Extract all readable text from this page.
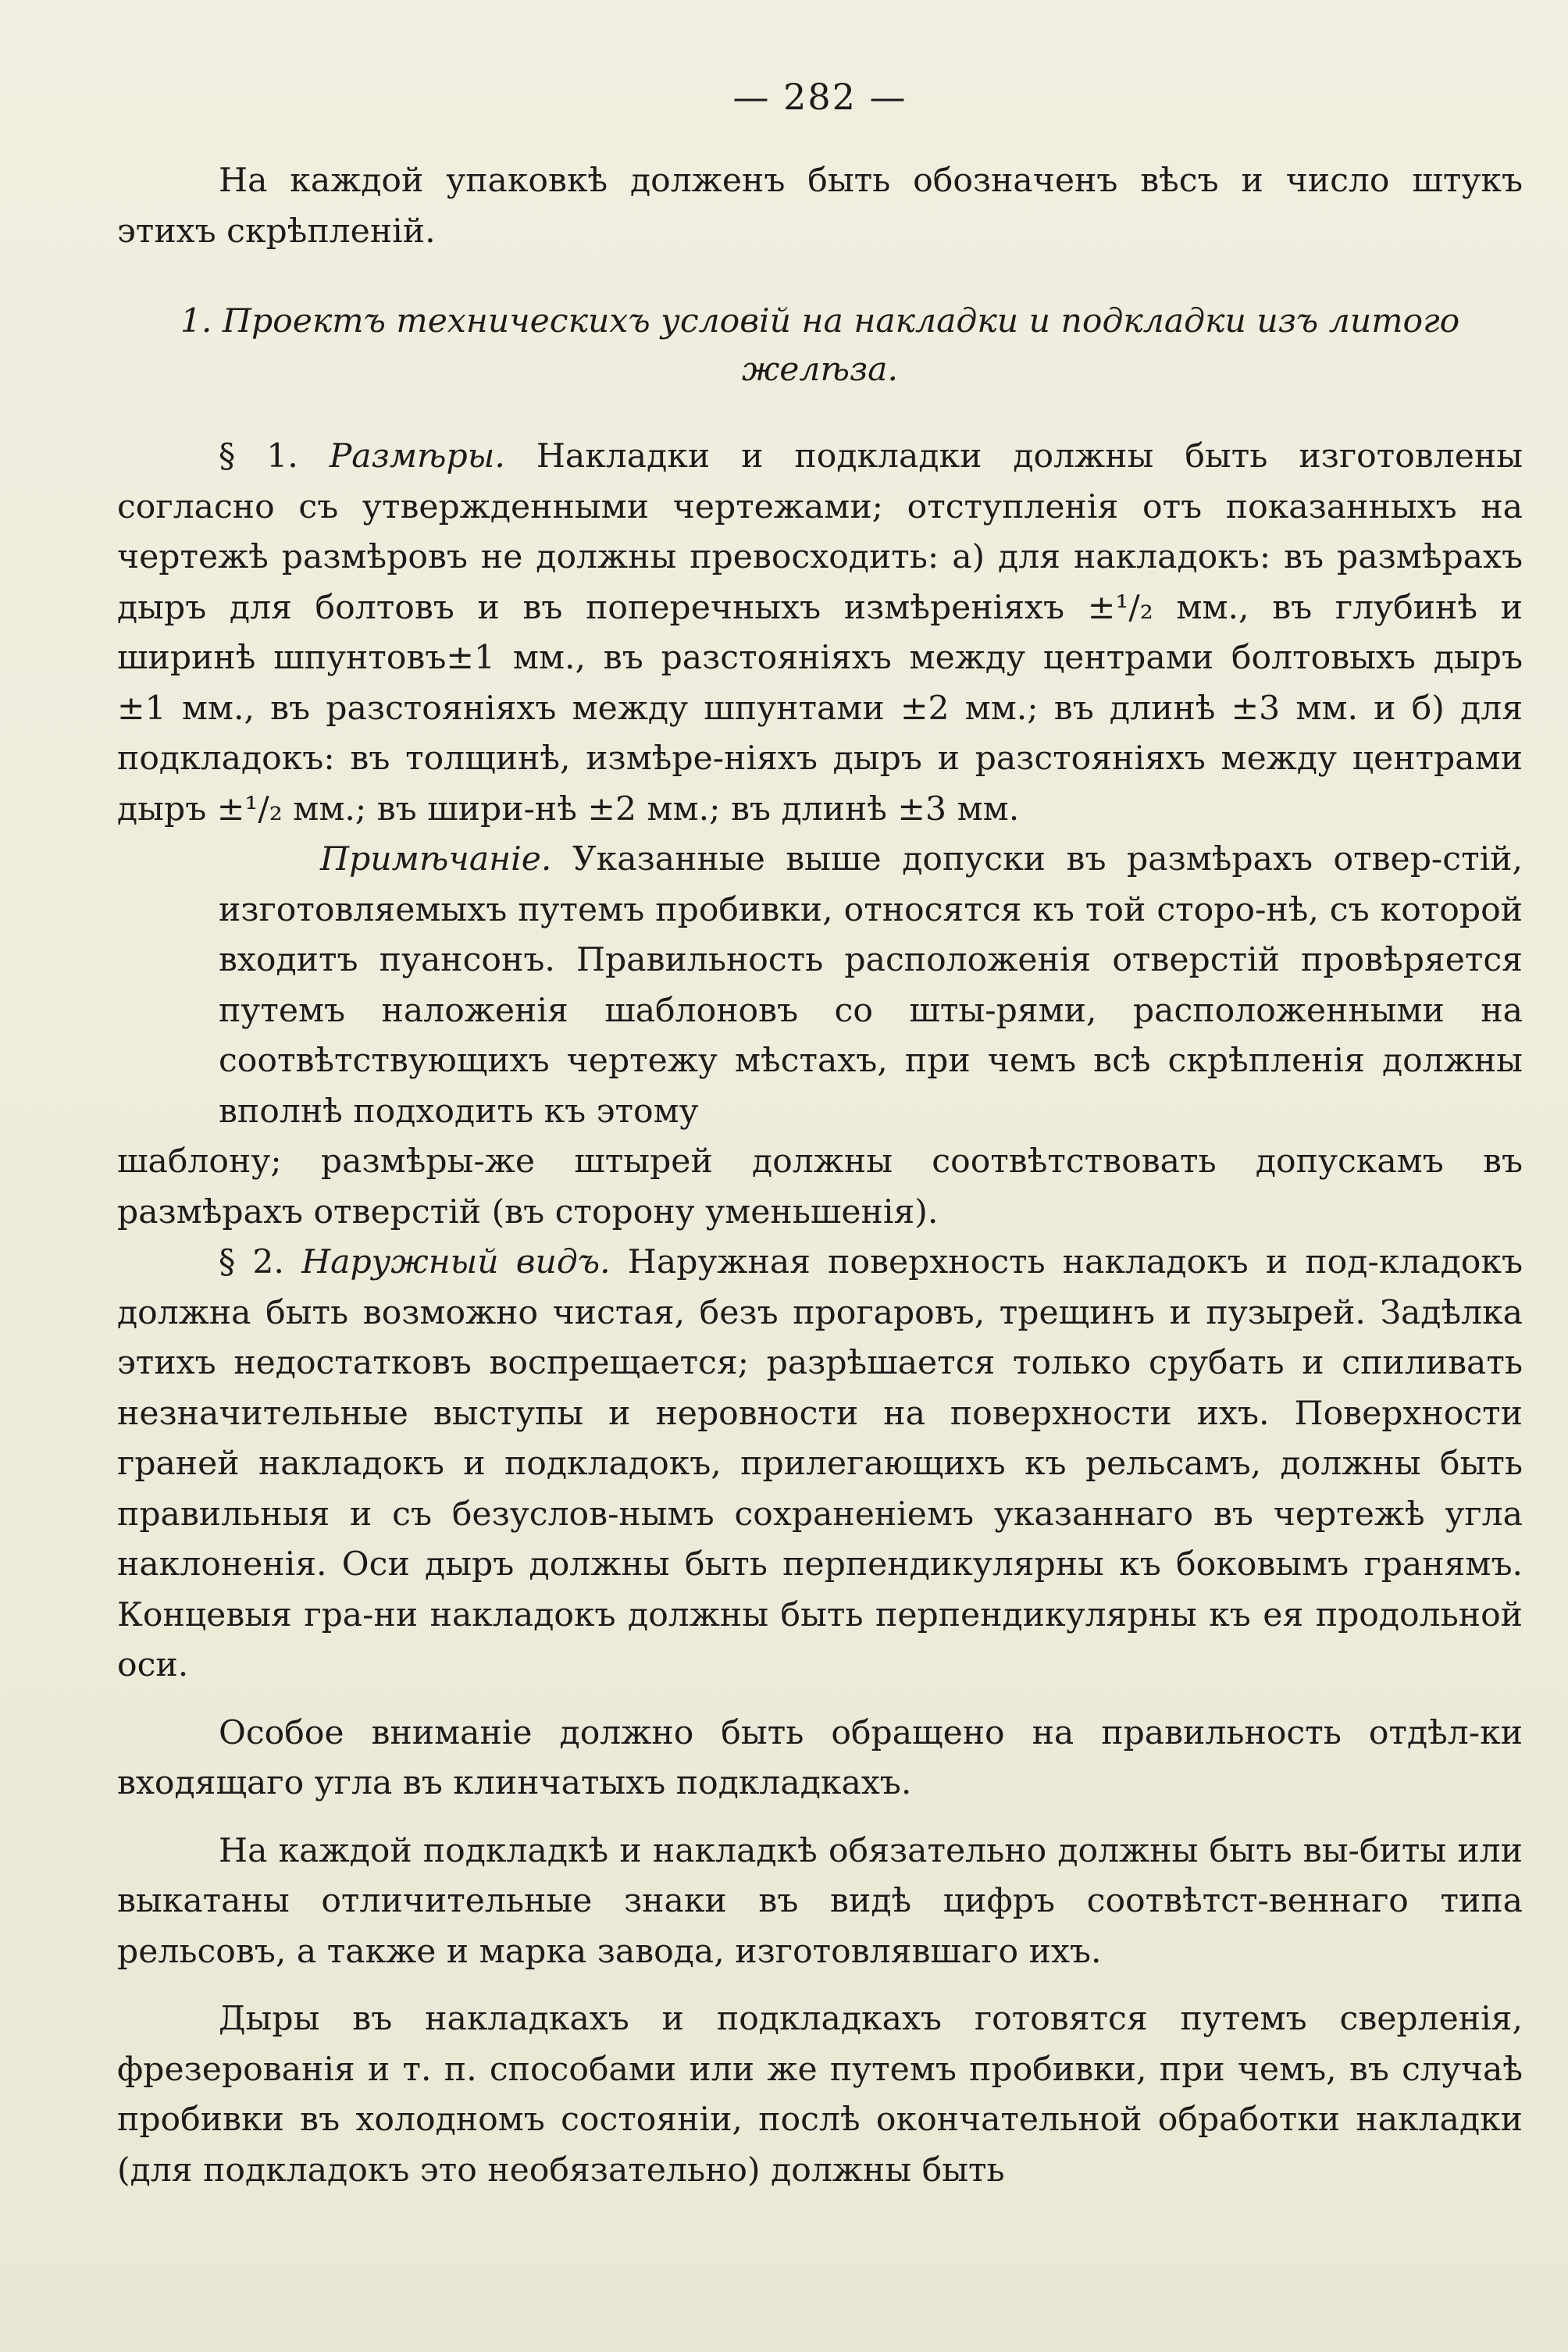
— 282 —

На каждой упаковкѣ долженъ быть обозначенъ вѣсъ и число штукъ этихъ скрѣпленій.

1. Проектъ техническихъ условій на накладки и подкладки изъ литого желѣза.

§ 1. Размѣры. Накладки и подкладки должны быть изготовлены согласно съ утвержденными чертежами; отступленія отъ показанныхъ на чертежѣ размѣровъ не должны превосходить: а) для накладокъ: въ размѣрахъ дыръ для болтовъ и въ поперечныхъ измѣреніяхъ ±¹/₂ мм., въ глубинѣ и ширинѣ шпунтовъ±1 мм., въ разстояніяхъ между центрами болтовыхъ дыръ ±1 мм., въ разстояніяхъ между шпунтами ±2 мм.; въ длинѣ ±3 мм. и б) для подкладокъ: въ толщинѣ, измѣре-ніяхъ дыръ и разстояніяхъ между центрами дыръ ±¹/₂ мм.; въ шири-нѣ ±2 мм.; въ длинѣ ±3 мм.

Примѣчаніе. Указанные выше допуски въ размѣрахъ отвер-стій, изготовляемыхъ путемъ пробивки, относятся къ той сторо-нѣ, съ которой входитъ пуансонъ. Правильность расположенія отверстій провѣряется путемъ наложенія шаблоновъ со шты-рями, расположенными на соотвѣтствующихъ чертежу мѣстахъ, при чемъ всѣ скрѣпленія должны вполнѣ подходить къ этому

шаблону; размѣры-же штырей должны соотвѣтствовать допускамъ въ размѣрахъ отверстій (въ сторону уменьшенія).

§ 2. Наружный видъ. Наружная поверхность накладокъ и под-кладокъ должна быть возможно чистая, безъ прогаровъ, трещинъ и пузырей. Задѣлка этихъ недостатковъ воспрещается; разрѣшается только срубать и спиливать незначительные выступы и неровности на поверхности ихъ. Поверхности граней накладокъ и подкладокъ, прилегающихъ къ рельсамъ, должны быть правильныя и съ безуслов-нымъ сохраненіемъ указаннаго въ чертежѣ угла наклоненія. Оси дыръ должны быть перпендикулярны къ боковымъ гранямъ. Концевыя гра-ни накладокъ должны быть перпендикулярны къ ея продольной оси.

Особое вниманіе должно быть обращено на правильность отдѣл-ки входящаго угла въ клинчатыхъ подкладкахъ.

На каждой подкладкѣ и накладкѣ обязательно должны быть вы-биты или выкатаны отличительные знаки въ видѣ цифръ соотвѣтст-веннаго типа рельсовъ, а также и марка завода, изготовлявшаго ихъ.

Дыры въ накладкахъ и подкладкахъ готовятся путемъ сверленія, фрезерованія и т. п. способами или же путемъ пробивки, при чемъ, въ случаѣ пробивки въ холодномъ состояніи, послѣ окончательной обработки накладки (для подкладокъ это необязательно) должны быть
